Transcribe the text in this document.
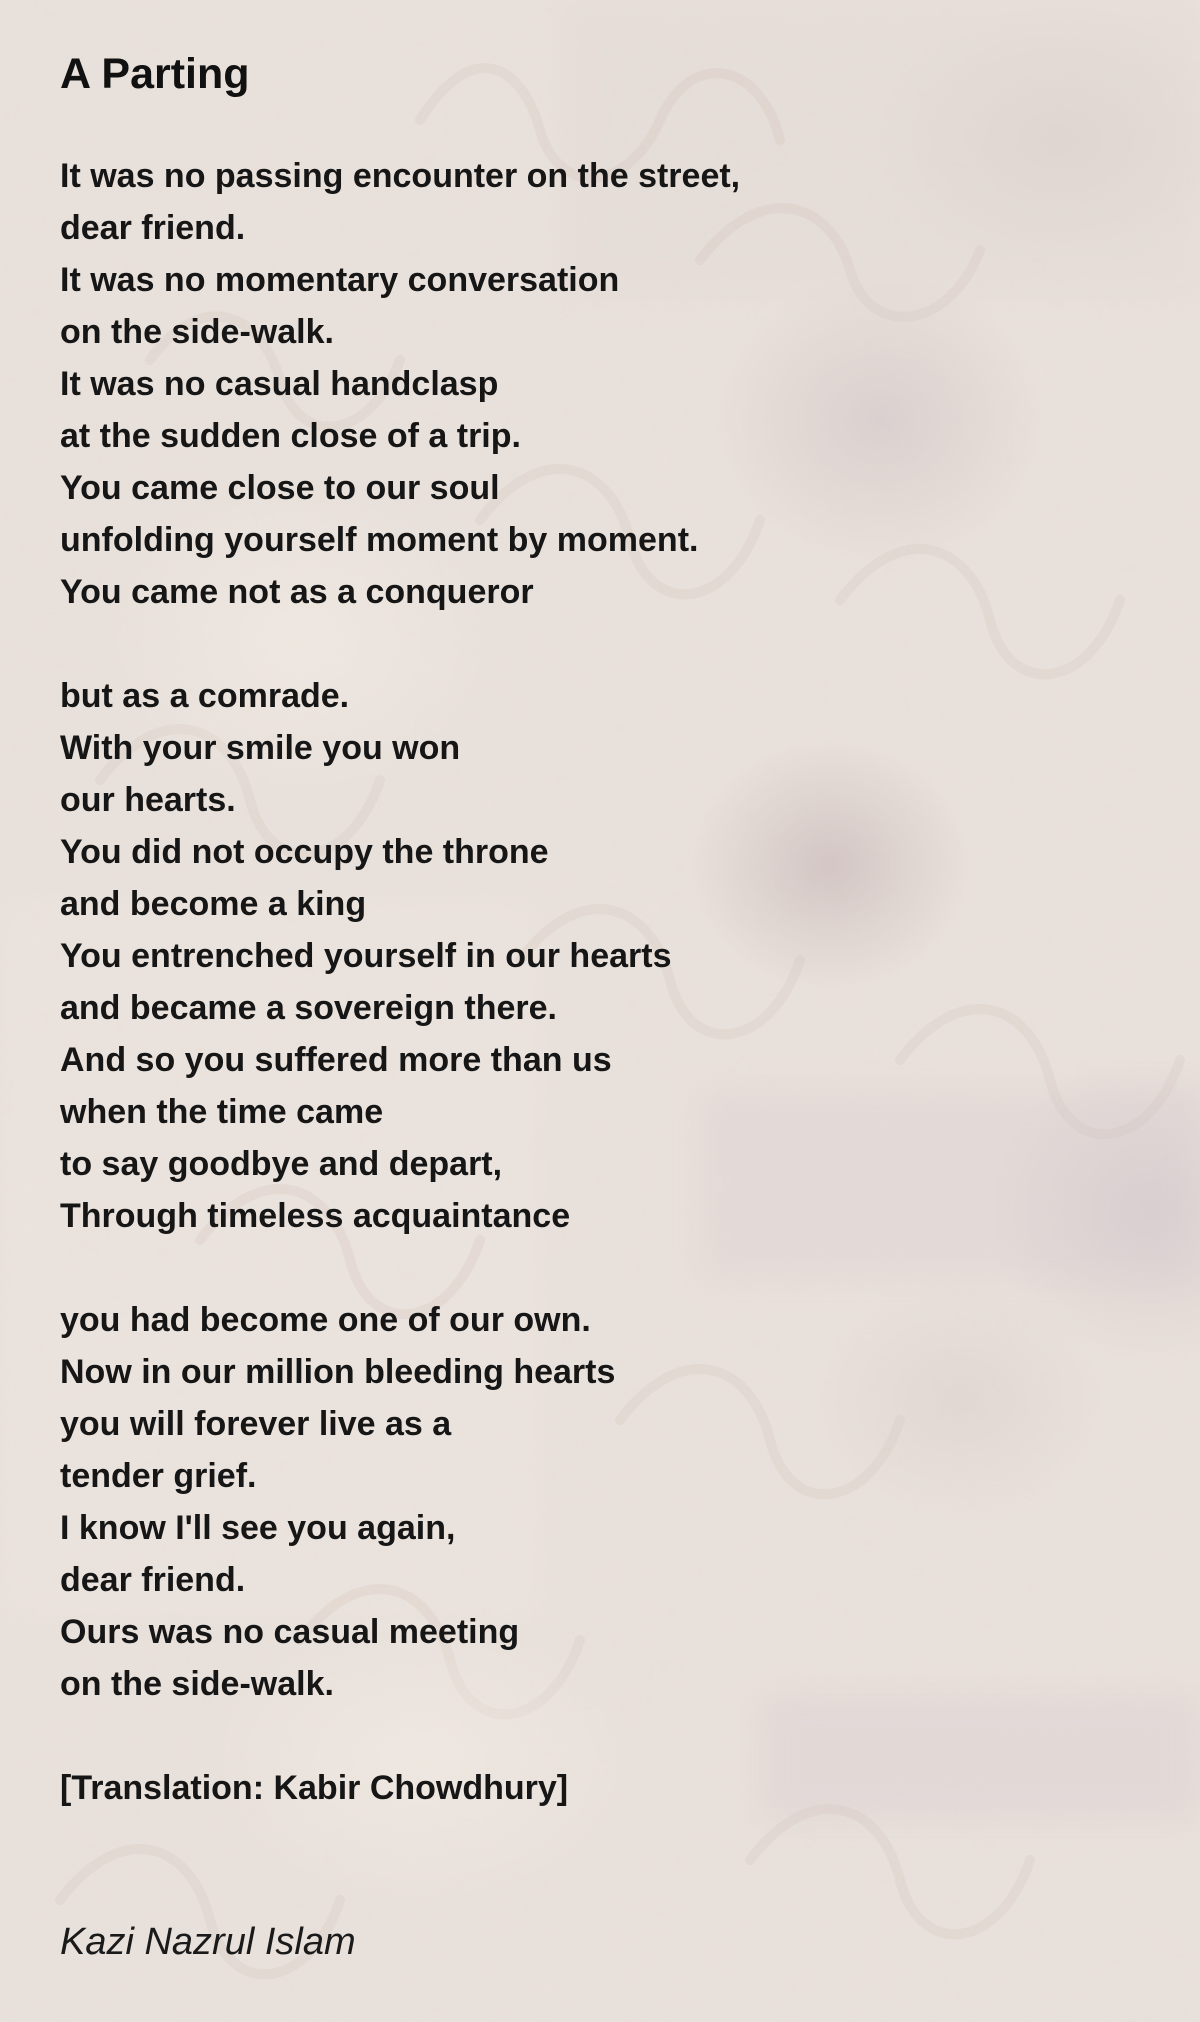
A Parting

It was no passing encounter on the street,
dear friend.
It was no momentary conversation
on the side-walk.
It was no casual handclasp
at the sudden close of a trip.
You came close to our soul
unfolding yourself moment by moment.
You came not as a conqueror

but as a comrade.
With your smile you won
our hearts.
You did not occupy the throne
and become a king
You entrenched yourself in our hearts
and became a sovereign there.
And so you suffered more than us
when the time came
to say goodbye and depart,
Through timeless acquaintance

you had become one of our own.
Now in our million bleeding hearts
you will forever live as a
tender grief.
I know I'll see you again,
dear friend.
Ours was no casual meeting
on the side-walk.

[Translation: Kabir Chowdhury]

Kazi Nazrul Islam
